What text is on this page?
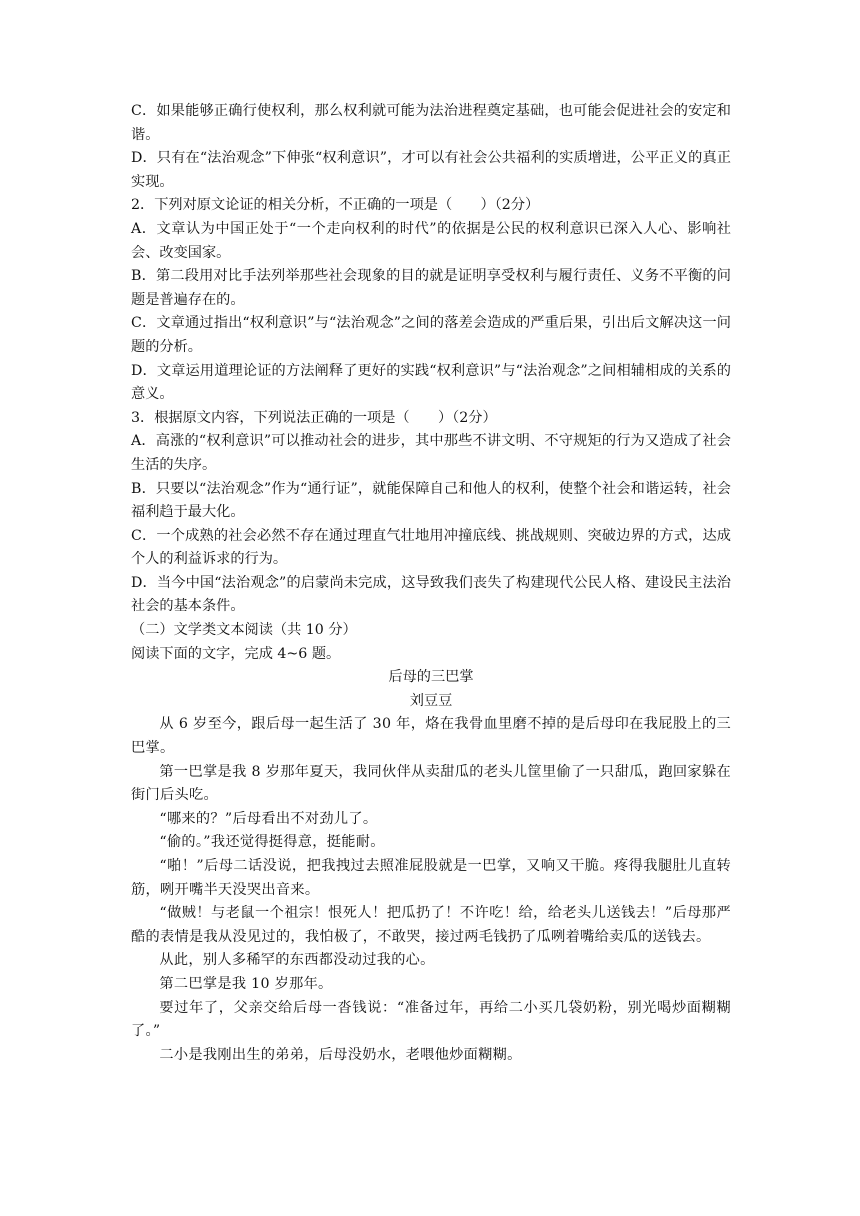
C．如果能够正确行使权利，那么权利就可能为法治进程奠定基础，也可能会促进社会的安定和谐。

D．只有在“法治观念”下伸张“权利意识”，才可以有社会公共福利的实质增进，公平正义的真正实现。

2．下列对原文论证的相关分析，不正确的一项是（　　）（2分）

A．文章认为中国正处于“一个走向权利的时代”的依据是公民的权利意识已深入人心、影响社会、改变国家。

B．第二段用对比手法列举那些社会现象的目的就是证明享受权利与履行责任、义务不平衡的问题是普遍存在的。

C．文章通过指出“权利意识”与“法治观念”之间的落差会造成的严重后果，引出后文解决这一问题的分析。

D．文章运用道理论证的方法阐释了更好的实践“权利意识”与“法治观念”之间相辅相成的关系的意义。

3．根据原文内容，下列说法正确的一项是（　　）（2分）

A．高涨的“权利意识”可以推动社会的进步，其中那些不讲文明、不守规矩的行为又造成了社会生活的失序。

B．只要以“法治观念”作为“通行证”，就能保障自己和他人的权利，使整个社会和谐运转，社会福利趋于最大化。

C．一个成熟的社会必然不存在通过理直气壮地用冲撞底线、挑战规则、突破边界的方式，达成个人的利益诉求的行为。

D．当今中国“法治观念”的启蒙尚未完成，这导致我们丧失了构建现代公民人格、建设民主法治社会的基本条件。

（二）文学类文本阅读（共 10 分）

阅读下面的文字，完成 4~6 题。

后母的三巴掌

刘豆豆

从 6 岁至今，跟后母一起生活了 30 年，烙在我骨血里磨不掉的是后母印在我屁股上的三巴掌。

第一巴掌是我 8 岁那年夏天，我同伙伴从卖甜瓜的老头儿筐里偷了一只甜瓜，跑回家躲在街门后头吃。

“哪来的？”后母看出不对劲儿了。

“偷的。”我还觉得挺得意，挺能耐。

“啪！”后母二话没说，把我拽过去照准屁股就是一巴掌，又响又干脆。疼得我腿肚儿直转筋，咧开嘴半天没哭出音来。

“做贼！与老鼠一个祖宗！恨死人！把瓜扔了！不许吃！给，给老头儿送钱去！”后母那严酷的表情是我从没见过的，我怕极了，不敢哭，接过两毛钱扔了瓜咧着嘴给卖瓜的送钱去。

从此，别人多稀罕的东西都没动过我的心。

第二巴掌是我 10 岁那年。

要过年了，父亲交给后母一沓钱说：“准备过年，再给二小买几袋奶粉，别光喝炒面糊糊了。”

二小是我刚出生的弟弟，后母没奶水，老喂他炒面糊糊。
